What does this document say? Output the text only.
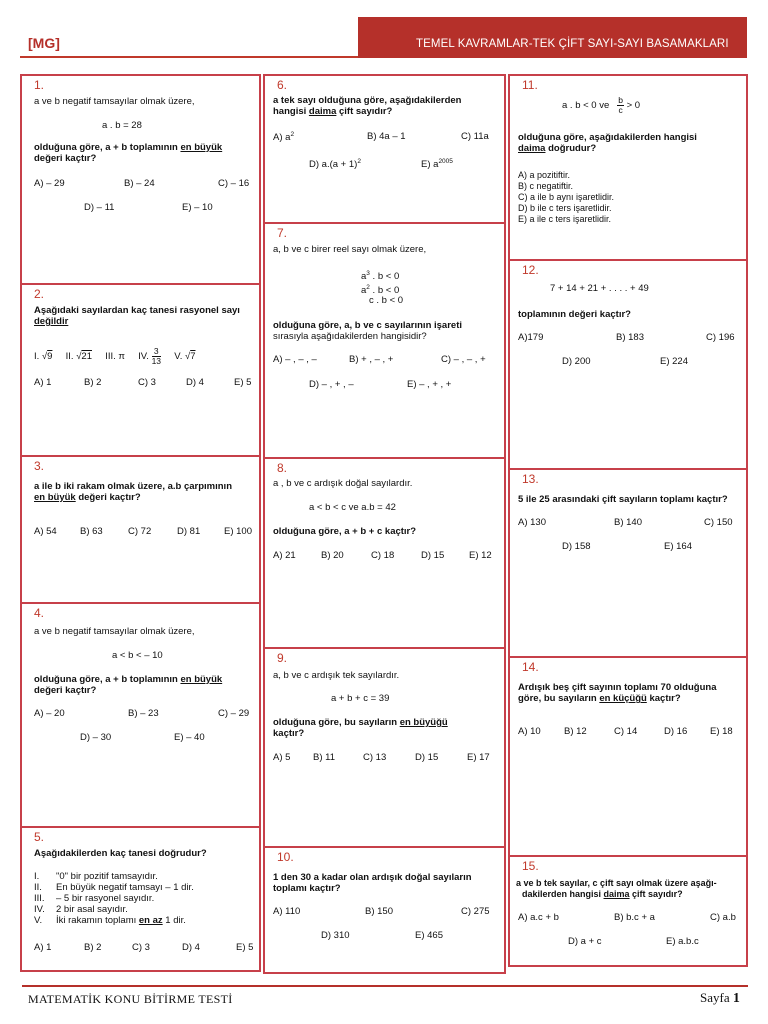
[MG]	TEMEL KAVRAMLAR-TEK ÇİFT SAYI-SAYI BASAMAKLARI
1.
a ve b negatif tamsayılar olmak üzere,
a . b = 28
olduğuna göre, a + b toplamının en büyük
değeri kaçtır?
A) – 29	B) – 24	C) – 16
D) – 11	E) – 10
2.
Aşağıdaki sayılardan kaç tanesi rasyonel sayı
değildir
I. √9 II. √21 III. π IV. $\frac{3}{13} V$. √7
A) 1	B) 2	C) 3	D) 4	E) 5
3.
a ile b iki rakam olmak üzere, a.b çarpımının
en büyük değeri kaçtır?
A) 54 B) 63	C) 72	D) 81	E) 100
4.
a ve b negatif tamsayılar olmak üzere,
a < b < – 10
olduğuna göre, a + b toplamının en büyük
değeri kaçtır?
A) – 20	B) – 23	C) – 29
D) – 30	E) – 40
5.
Aşağıdakilerden kaç tanesi doğrudur?
I. "0" bir pozitif tamsayıdır.
II. En büyük negatif tamsayı – 1 dir.
III. – 5 bir rasyonel sayıdır.
IV. 2 bir asal sayıdır.
V. İki rakamın toplamı en az 1 dir.
A) 1	B) 2	C) 3	D) 4	E) 5
6.
a tek sayı olduğuna göre, aşağıdakilerden
hangisi daima çift sayıdır?
A) $a^2$	B) 4a – 1	C) 11a
D) $a.(a + 1)^2$	E) $a^{2005}$
7.
a, b ve c birer reel sayı olmak üzere,
$a^3$ . b < 0
$a^2$ . b < 0
c . b < 0
olduğuna göre, a, b ve c sayılarının işareti
sırasıyla aşağıdakilerden hangisidir?
A) – , – , –	B) + , – , +	C) – , – , +
D) – , + , –	E) – , + , +
8.
a , b ve c ardışık doğal sayılardır.
a < b < c ve a.b = 42
olduğuna göre, a + b + c kaçtır?
A) 21	B) 20	C) 18	D) 15	E) 12
9.
a, b ve c ardışık tek sayılardır.
a + b + c = 39
olduğuna göre, bu sayıların en büyüğü
kaçtır?
A) 5 B) 11	C) 13	D) 15	E) 17
10.
1 den 30 a kadar olan ardışık doğal sayıların
toplamı kaçtır?
A) 110	B) 150	C) 275
D) 310	E) 465
11.
a . b < 0 ve $\frac{b}{c} > 0$
olduğuna göre, aşağıdakilerden hangisi
daima doğrudur?
A) a pozitiftir.
B) c negatiftir.
C) a ile b aynı işaretlidir.
D) b ile c ters işaretlidir.
E) a ile c ters işaretlidir.
12.
7 + 14 + 21 + . . . . + 49
toplamının değeri kaçtır?
A)179	B) 183	C) 196
D) 200	E) 224
13.
5 ile 25 arasındaki çift sayıların toplamı kaçtır?
A) 130	B) 140	C) 150
D) 158	E) 164
14.
Ardışık beş çift sayının toplamı 70 olduğuna
göre, bu sayıların en küçüğü kaçtır?
A) 10 B) 12	C) 14	D) 16 E) 18
15.
a ve b tek sayılar, c çift sayı olmak üzere aşağı-
dakilerden hangisi daima çift sayıdır?
A) a.c + b	B) b.c + a	C) a.b
D) a + c	E) a.b.c
MATEMATİK KONU BİTİRME TESTİ	Sayfa 1
